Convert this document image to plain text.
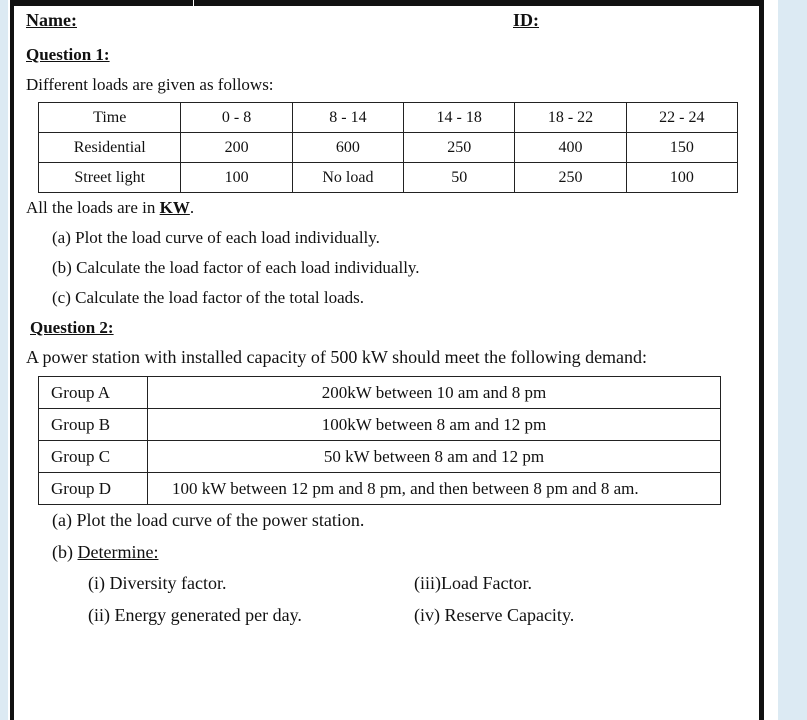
Name:	ID:
Question 1:
Different loads are given as follows:
Time	0 - 8	8 - 14	14 - 18	18 - 22	22 - 24
Residential	200	600	250	400	150
Street light	100	No load	50	250	100
All the loads are in KW.
(a) Plot the load curve of each load individually.
(b) Calculate the load factor of each load individually.
(c) Calculate the load factor of the total loads.
Question 2:
A power station with installed capacity of 500 kW should meet the following demand:
Group A	200kW between 10 am and 8 pm
Group B	100kW between 8 am and 12 pm
Group C	50 kW between 8 am and 12 pm
Group D	100 kW between 12 pm and 8 pm, and then between 8 pm and 8 am.
(a) Plot the load curve of the power station.
(b) Determine:
(i) Diversity factor.
(ii) Energy generated per day.
(iii)Load Factor.
(iv) Reserve Capacity.
